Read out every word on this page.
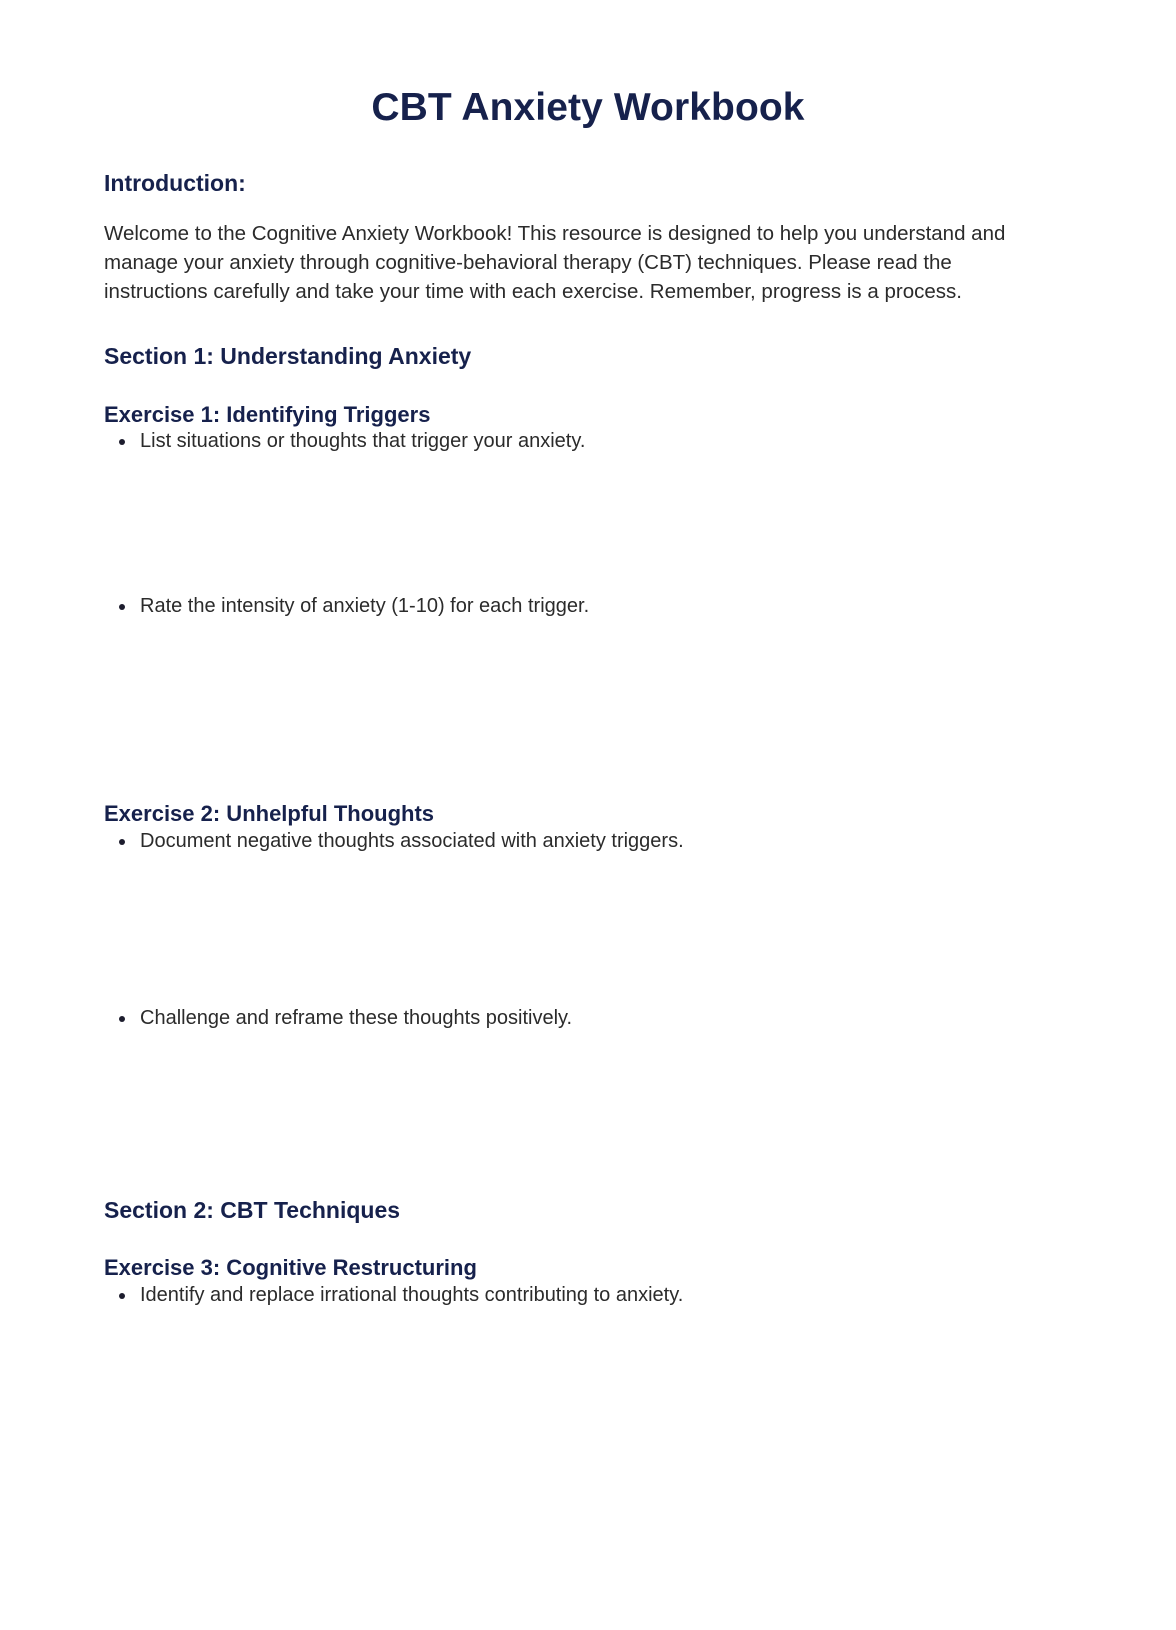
CBT Anxiety Workbook
Introduction:

Welcome to the Cognitive Anxiety Workbook! This resource is designed to help you understand and manage your anxiety through cognitive-behavioral therapy (CBT) techniques. Please read the instructions carefully and take your time with each exercise. Remember, progress is a process.

Section 1: Understanding Anxiety
Exercise 1: Identifying Triggers
List situations or thoughts that trigger your anxiety.
Rate the intensity of anxiety (1-10) for each trigger.
Exercise 2: Unhelpful Thoughts
Document negative thoughts associated with anxiety triggers.
Challenge and reframe these thoughts positively.
Section 2: CBT Techniques
Exercise 3: Cognitive Restructuring
Identify and replace irrational thoughts contributing to anxiety.
